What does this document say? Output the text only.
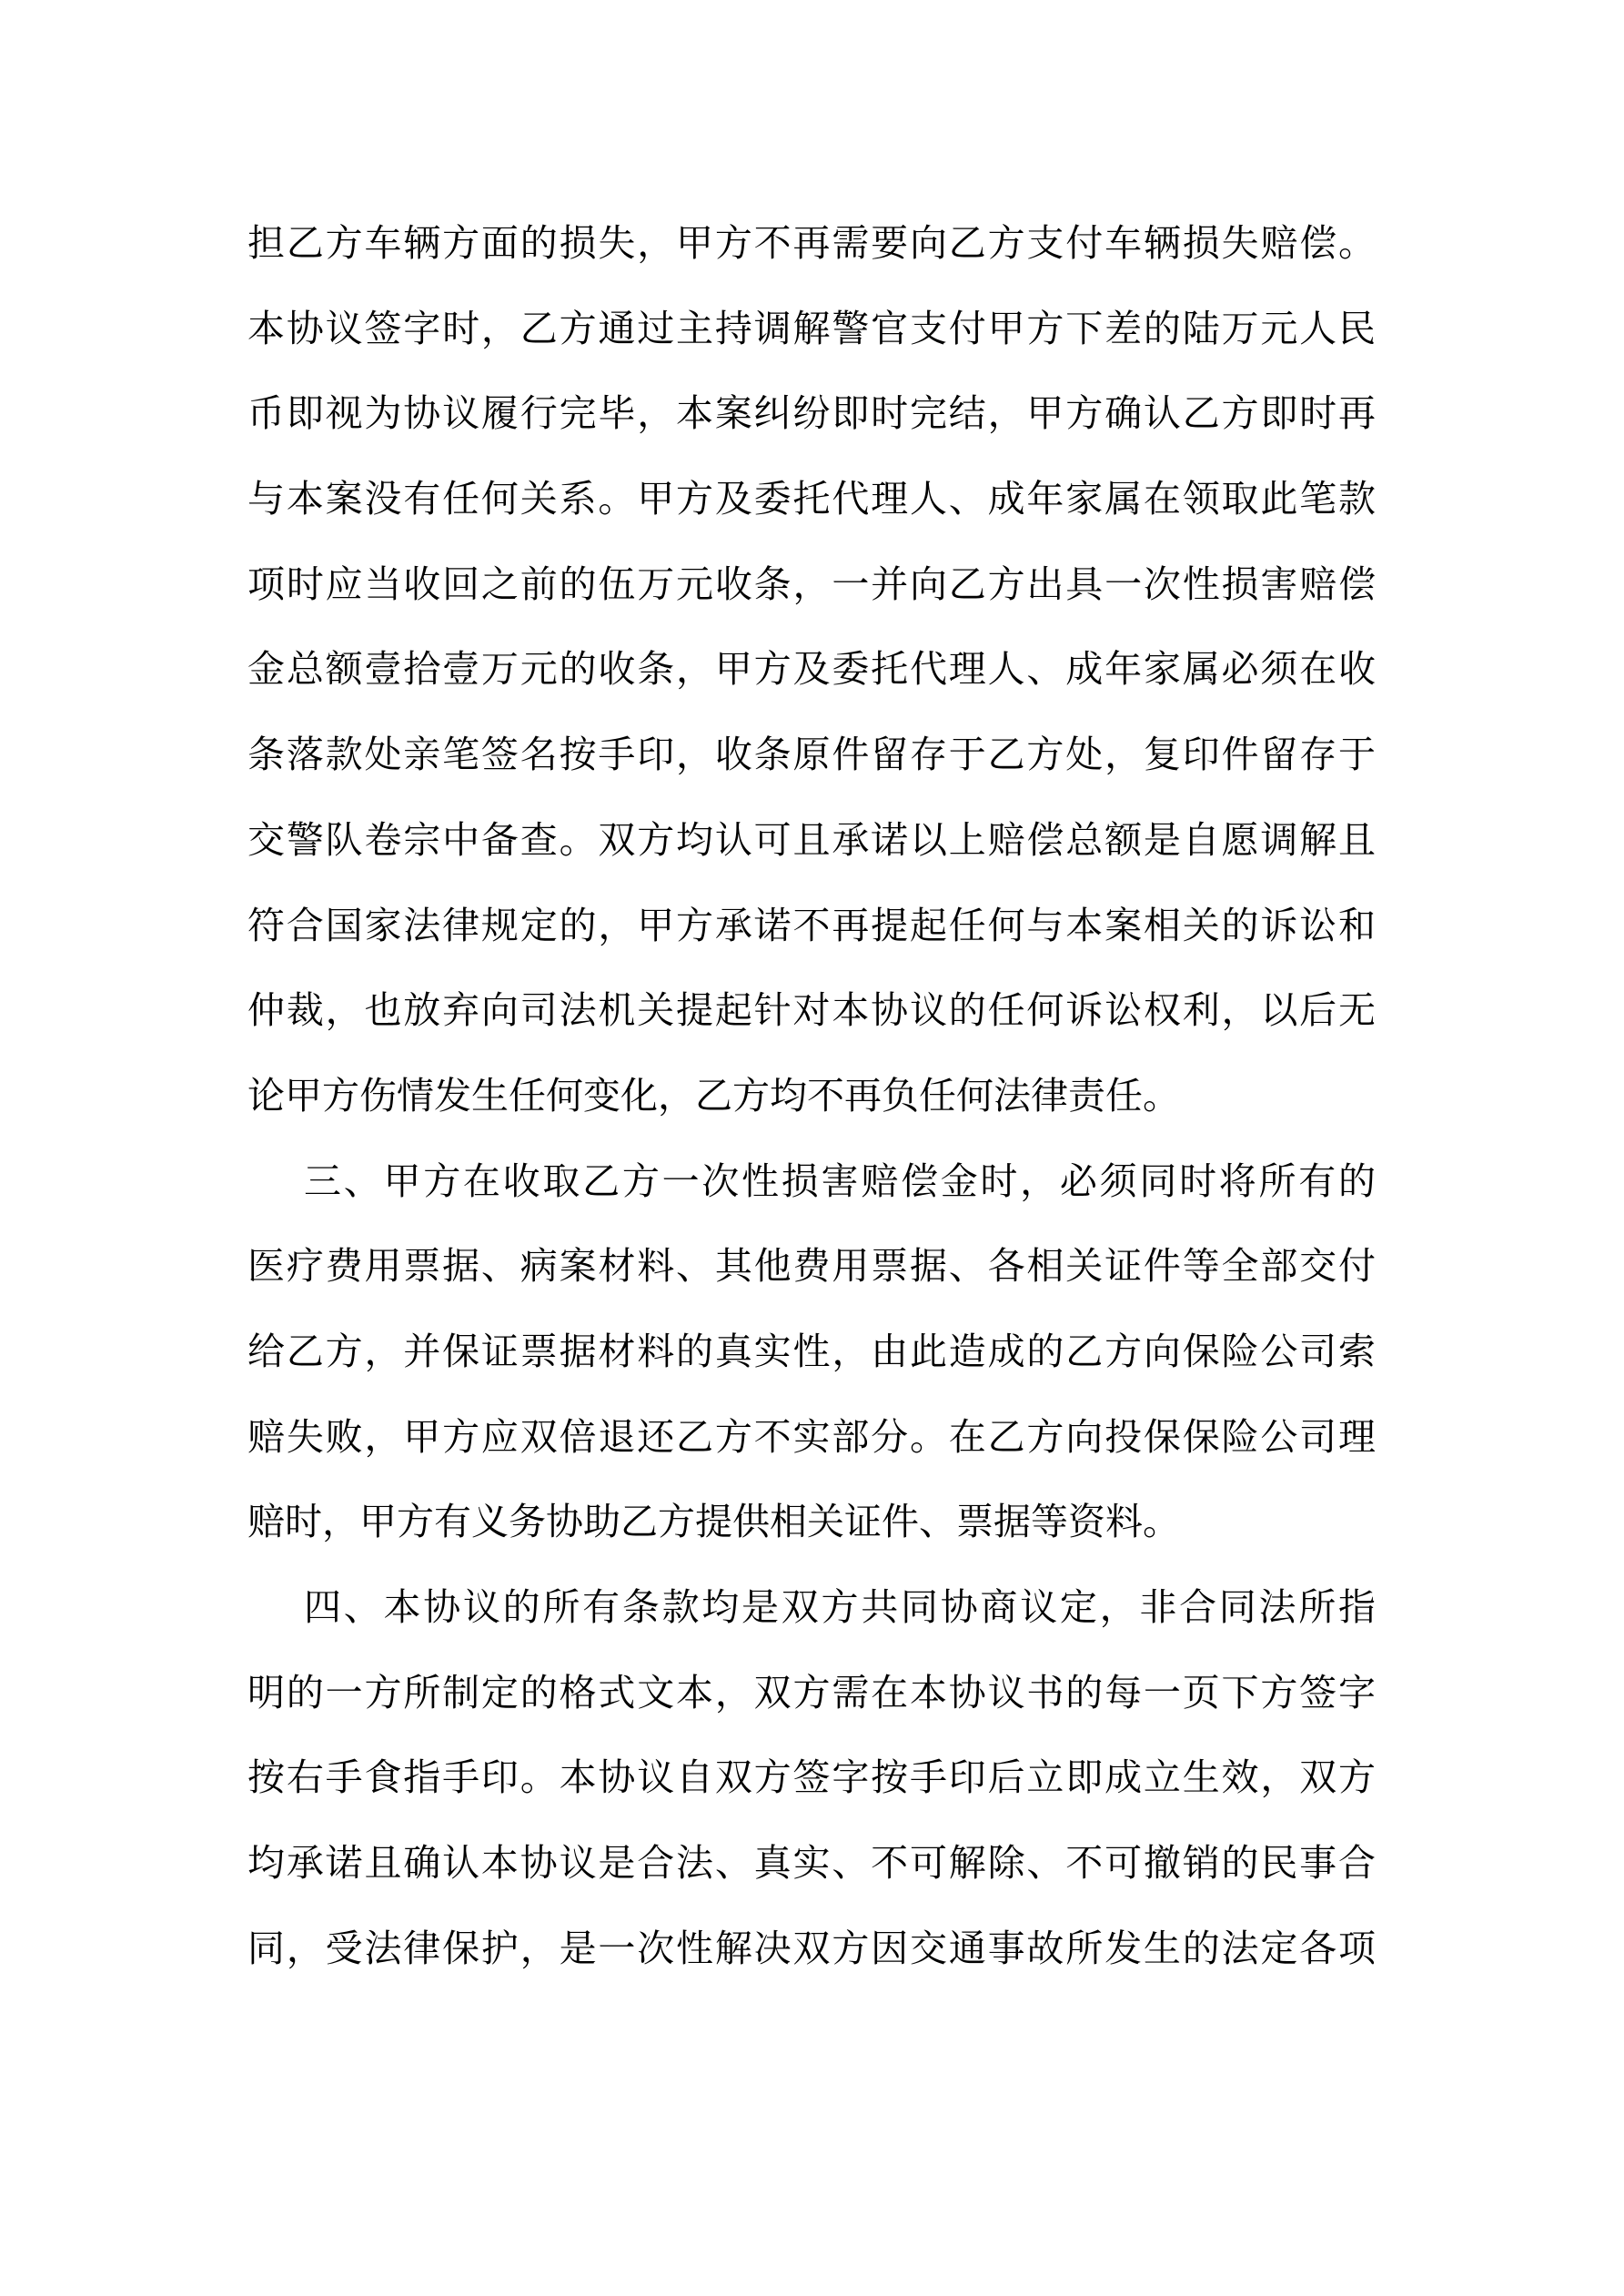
担乙方车辆方面的损失，甲方不再需要向乙方支付车辆损失赔偿。
本协议签字时，乙方通过主持调解警官支付甲方下差的陆万元人民
币即视为协议履行完毕，本案纠纷即时完结，甲方确认乙方即时再
与本案没有任何关系。甲方及委托代理人、成年家属在领取此笔款
项时应当收回之前的伍万元收条，一并向乙方出具一次性损害赔偿
金总额壹拾壹万元的收条，甲方及委托代理人、成年家属必须在收
条落款处亲笔签名按手印，收条原件留存于乙方处，复印件留存于
交警队卷宗中备查。双方均认可且承诺以上赔偿总额是自愿调解且
符合国家法律规定的，甲方承诺不再提起任何与本案相关的诉讼和
仲裁，也放弃向司法机关提起针对本协议的任何诉讼权利，以后无
论甲方伤情发生任何变化，乙方均不再负任何法律责任。
三、甲方在收取乙方一次性损害赔偿金时，必须同时将所有的
医疗费用票据、病案材料、其他费用票据、各相关证件等全部交付
给乙方，并保证票据材料的真实性，由此造成的乙方向保险公司索
赔失败，甲方应双倍退还乙方不实部分。在乙方向投保保险公司理
赔时，甲方有义务协助乙方提供相关证件、票据等资料。
四、本协议的所有条款均是双方共同协商议定，非合同法所指
明的一方所制定的格式文本，双方需在本协议书的每一页下方签字
按右手食指手印。本协议自双方签字按手印后立即成立生效，双方
均承诺且确认本协议是合法、真实、不可解除、不可撤销的民事合
同，受法律保护，是一次性解决双方因交通事故所发生的法定各项
